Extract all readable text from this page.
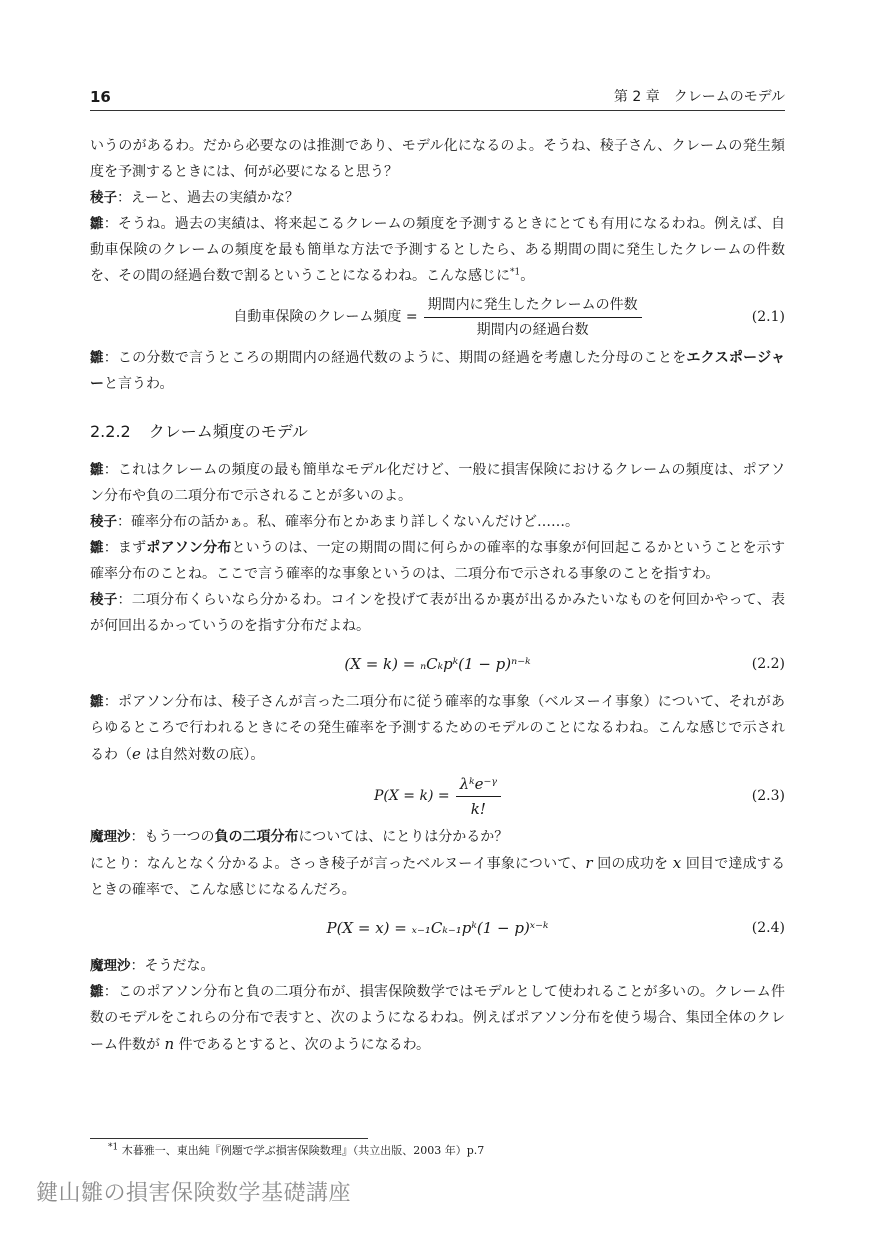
16	第 2 章　クレームのモデル

いうのがあるわ。だから必要なのは推測であり、モデル化になるのよ。そうね、稜子さん、クレームの発生頻度を予測するときには、何が必要になると思う？

稜子：えーと、過去の実績かな？

雛：そうね。過去の実績は、将来起こるクレームの頻度を予測するときにとても有用になるわね。例えば、自動車保険のクレームの頻度を最も簡単な方法で予測するとしたら、ある期間の間に発生したクレームの件数を、その間の経過台数で割るということになるわね。こんな感じに$^{*1}$。

自動車保険のクレーム頻度 = $\frac{\text{期間内に発生したクレームの件数}}{\text{期間内の経過台数}}$	(2.1)

雛：この分数で言うところの期間内の経過代数のように、期間の経過を考慮した分母のことをエクスポージャーと言うわ。

2.2.2 クレーム頻度のモデル

雛：これはクレームの頻度の最も簡単なモデル化だけど、一般に損害保険におけるクレームの頻度は、ポアソン分布や負の二項分布で示されることが多いのよ。

稜子：確率分布の話かぁ。私、確率分布とかあまり詳しくないんだけど……。

雛：まずポアソン分布というのは、一定の期間の間に何らかの確率的な事象が何回起こるかということを示す確率分布のことね。ここで言う確率的な事象というのは、二項分布で示される事象のことを指すわ。

稜子：二項分布くらいなら分かるわ。コインを投げて表が出るか裏が出るかみたいなものを何回かやって、表が何回出るかっていうのを指す分布だよね。

(X = k) = ₙCₖpᵏ(1 − p)ⁿ⁻ᵏ	(2.2)

雛：ポアソン分布は、稜子さんが言った二項分布に従う確率的な事象（ベルヌーイ事象）について、それがあらゆるところで行われるときにその発生確率を予測するためのモデルのことになるわね。こんな感じで示されるわ（e は自然対数の底）。

$P(X = k) = \frac{\text{λᵏe⁻ᵞ}}{k!}$	(2.3)

魔理沙：もう一つの負の二項分布については、にとりは分かるか？

にとり：なんとなく分かるよ。さっき稜子が言ったベルヌーイ事象について、r 回の成功を x 回目で達成するときの確率で、こんな感じになるんだろ。

P(X = x) = ₓ₋₁Cₖ₋₁pᵏ(1 − p)ˣ⁻ᵏ	(2.4)

魔理沙：そうだな。

雛：このポアソン分布と負の二項分布が、損害保険数学ではモデルとして使われることが多いの。クレーム件数のモデルをこれらの分布で表すと、次のようになるわね。例えばポアソン分布を使う場合、集団全体のクレーム件数が n 件であるとすると、次のようになるわ。

$^{*1}$ 木暮雅一、東出純『例題で学ぶ損害保険数理』（共立出版、2003 年）p.7
鍵山雛の損害保険数学基礎講座
